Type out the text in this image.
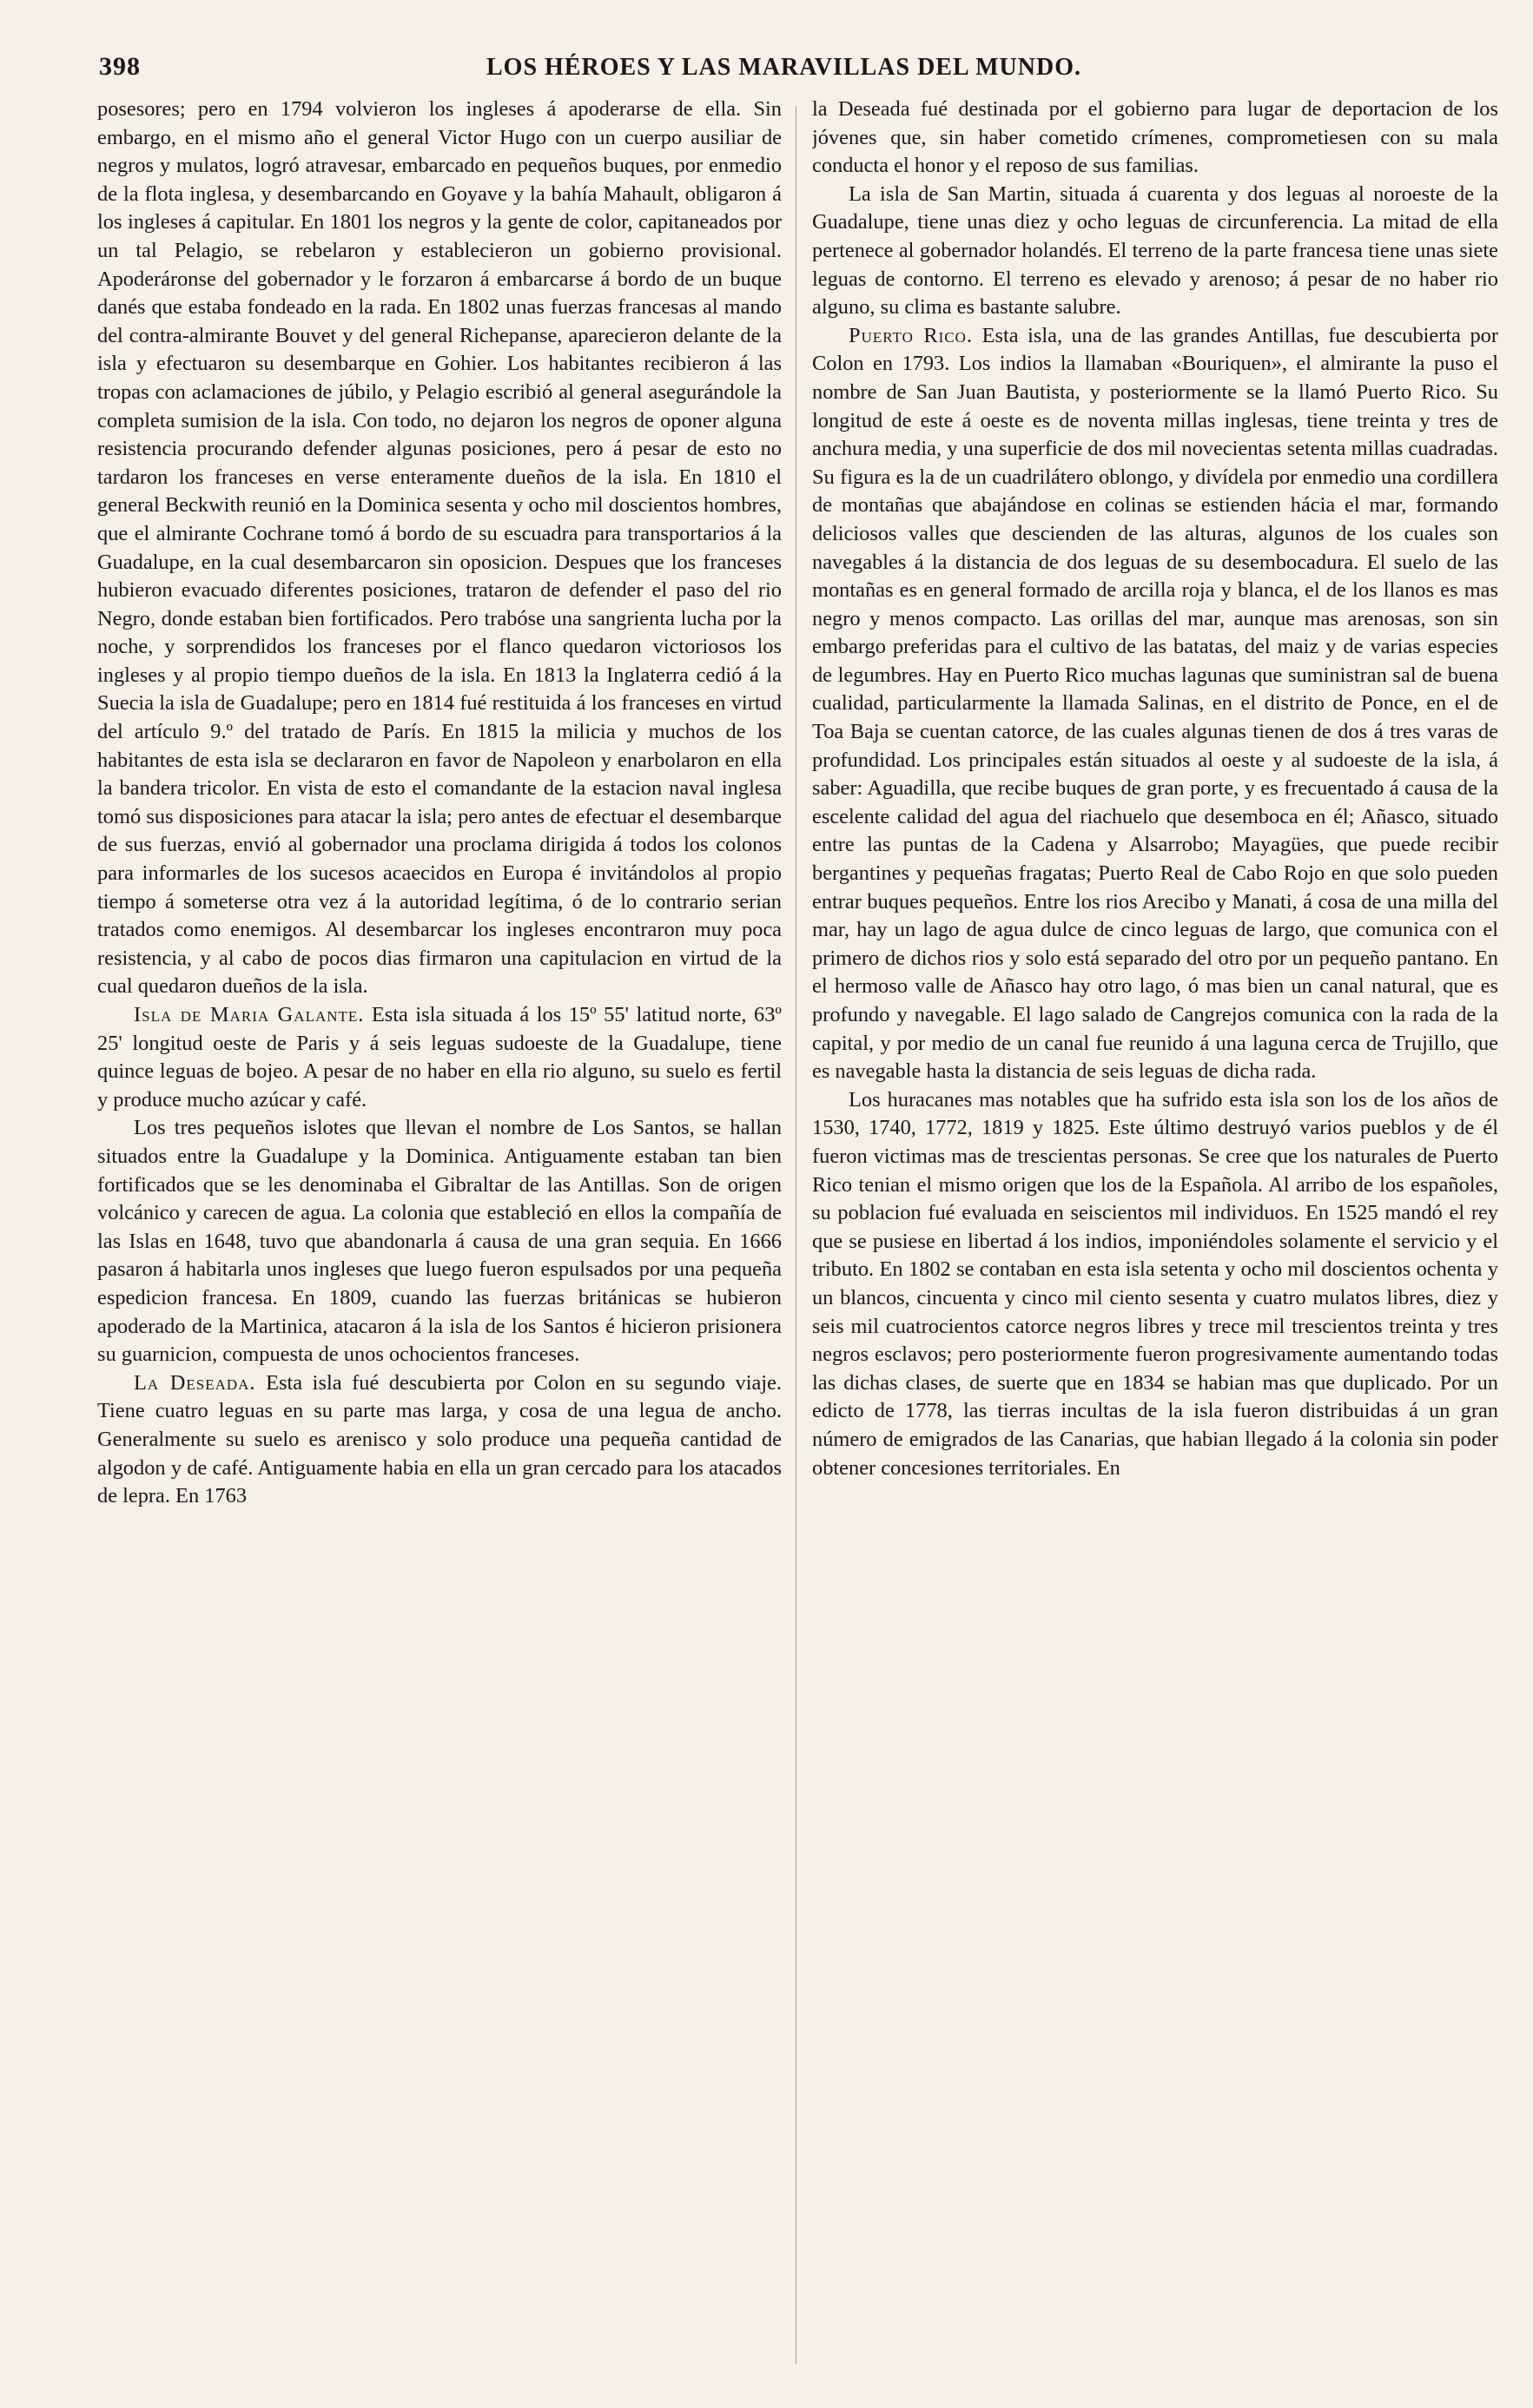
398	LOS HÉROES Y LAS MARAVILLAS DEL MUNDO.

posesores; pero en 1794 volvieron los ingleses á apoderarse de ella. Sin embargo, en el mismo año el general Victor Hugo con un cuerpo ausiliar de negros y mulatos, logró atravesar, embarcado en pequeños buques, por enmedio de la flota inglesa, y desembarcando en Goyave y la bahía Mahault, obligaron á los ingleses á capitular. En 1801 los negros y la gente de color, capitaneados por un tal Pelagio, se rebelaron y establecieron un gobierno provisional. Apoderáronse del gobernador y le forzaron á embarcarse á bordo de un buque danés que estaba fondeado en la rada. En 1802 unas fuerzas francesas al mando del contra-almirante Bouvet y del general Richepanse, aparecieron delante de la isla y efectuaron su desembarque en Gohier. Los habitantes recibieron á las tropas con aclamaciones de júbilo, y Pelagio escribió al general asegurándole la completa sumision de la isla. Con todo, no dejaron los negros de oponer alguna resistencia procurando defender algunas posiciones, pero á pesar de esto no tardaron los franceses en verse enteramente dueños de la isla. En 1810 el general Beckwith reunió en la Dominica sesenta y ocho mil doscientos hombres, que el almirante Cochrane tomó á bordo de su escuadra para transportarios á la Guadalupe, en la cual desembarcaron sin oposicion. Despues que los franceses hubieron evacuado diferentes posiciones, trataron de defender el paso del rio Negro, donde estaban bien fortificados. Pero trabóse una sangrienta lucha por la noche, y sorprendidos los franceses por el flanco quedaron victoriosos los ingleses y al propio tiempo dueños de la isla. En 1813 la Inglaterra cedió á la Suecia la isla de Guadalupe; pero en 1814 fué restituida á los franceses en virtud del artículo 9.º del tratado de París. En 1815 la milicia y muchos de los habitantes de esta isla se declararon en favor de Napoleon y enarbolaron en ella la bandera tricolor. En vista de esto el comandante de la estacion naval inglesa tomó sus disposiciones para atacar la isla; pero antes de efectuar el desembarque de sus fuerzas, envió al gobernador una proclama dirigida á todos los colonos para informarles de los sucesos acaecidos en Europa é invitándolos al propio tiempo á someterse otra vez á la autoridad legítima, ó de lo contrario serian tratados como enemigos. Al desembarcar los ingleses encontraron muy poca resistencia, y al cabo de pocos dias firmaron una capitulacion en virtud de la cual quedaron dueños de la isla.

Isla de Maria Galante. Esta isla situada á los 15º 55' latitud norte, 63º 25' longitud oeste de Paris y á seis leguas sudoeste de la Guadalupe, tiene quince leguas de bojeo. A pesar de no haber en ella rio alguno, su suelo es fertil y produce mucho azúcar y café.

Los tres pequeños islotes que llevan el nombre de Los Santos, se hallan situados entre la Guadalupe y la Dominica. Antiguamente estaban tan bien fortificados que se les denominaba el Gibraltar de las Antillas. Son de origen volcánico y carecen de agua. La colonia que estableció en ellos la compañía de las Islas en 1648, tuvo que abandonarla á causa de una gran sequia. En 1666 pasaron á habitarla unos ingleses que luego fueron espulsados por una pequeña espedicion francesa. En 1809, cuando las fuerzas británicas se hubieron apoderado de la Martinica, atacaron á la isla de los Santos é hicieron prisionera su guarnicion, compuesta de unos ochocientos franceses.

La Deseada. Esta isla fué descubierta por Colon en su segundo viaje. Tiene cuatro leguas en su parte mas larga, y cosa de una legua de ancho. Generalmente su suelo es arenisco y solo produce una pequeña cantidad de algodon y de café. Antiguamente habia en ella un gran cercado para los atacados de lepra. En 1763

la Deseada fué destinada por el gobierno para lugar de deportacion de los jóvenes que, sin haber cometido crímenes, comprometiesen con su mala conducta el honor y el reposo de sus familias.

La isla de San Martin, situada á cuarenta y dos leguas al noroeste de la Guadalupe, tiene unas diez y ocho leguas de circunferencia. La mitad de ella pertenece al gobernador holandés. El terreno de la parte francesa tiene unas siete leguas de contorno. El terreno es elevado y arenoso; á pesar de no haber rio alguno, su clima es bastante salubre.

Puerto Rico. Esta isla, una de las grandes Antillas, fue descubierta por Colon en 1793. Los indios la llamaban «Bouriquen», el almirante la puso el nombre de San Juan Bautista, y posteriormente se la llamó Puerto Rico. Su longitud de este á oeste es de noventa millas inglesas, tiene treinta y tres de anchura media, y una superficie de dos mil novecientas setenta millas cuadradas. Su figura es la de un cuadrilátero oblongo, y divídela por enmedio una cordillera de montañas que abajándose en colinas se estienden hácia el mar, formando deliciosos valles que descienden de las alturas, algunos de los cuales son navegables á la distancia de dos leguas de su desembocadura. El suelo de las montañas es en general formado de arcilla roja y blanca, el de los llanos es mas negro y menos compacto. Las orillas del mar, aunque mas arenosas, son sin embargo preferidas para el cultivo de las batatas, del maiz y de varias especies de legumbres. Hay en Puerto Rico muchas lagunas que suministran sal de buena cualidad, particularmente la llamada Salinas, en el distrito de Ponce, en el de Toa Baja se cuentan catorce, de las cuales algunas tienen de dos á tres varas de profundidad. Los principales están situados al oeste y al sudoeste de la isla, á saber: Aguadilla, que recibe buques de gran porte, y es frecuentado á causa de la escelente calidad del agua del riachuelo que desemboca en él; Añasco, situado entre las puntas de la Cadena y Alsarrobo; Mayagües, que puede recibir bergantines y pequeñas fragatas; Puerto Real de Cabo Rojo en que solo pueden entrar buques pequeños. Entre los rios Arecibo y Manati, á cosa de una milla del mar, hay un lago de agua dulce de cinco leguas de largo, que comunica con el primero de dichos rios y solo está separado del otro por un pequeño pantano. En el hermoso valle de Añasco hay otro lago, ó mas bien un canal natural, que es profundo y navegable. El lago salado de Cangrejos comunica con la rada de la capital, y por medio de un canal fue reunido á una laguna cerca de Trujillo, que es navegable hasta la distancia de seis leguas de dicha rada.

Los huracanes mas notables que ha sufrido esta isla son los de los años de 1530, 1740, 1772, 1819 y 1825. Este último destruyó varios pueblos y de él fueron victimas mas de trescientas personas. Se cree que los naturales de Puerto Rico tenian el mismo origen que los de la Española. Al arribo de los españoles, su poblacion fué evaluada en seiscientos mil individuos. En 1525 mandó el rey que se pusiese en libertad á los indios, imponiéndoles solamente el servicio y el tributo. En 1802 se contaban en esta isla setenta y ocho mil doscientos ochenta y un blancos, cincuenta y cinco mil ciento sesenta y cuatro mulatos libres, diez y seis mil cuatrocientos catorce negros libres y trece mil trescientos treinta y tres negros esclavos; pero posteriormente fueron progresivamente aumentando todas las dichas clases, de suerte que en 1834 se habian mas que duplicado. Por un edicto de 1778, las tierras incultas de la isla fueron distribuidas á un gran número de emigrados de las Canarias, que habian llegado á la colonia sin poder obtener concesiones territoriales. En
